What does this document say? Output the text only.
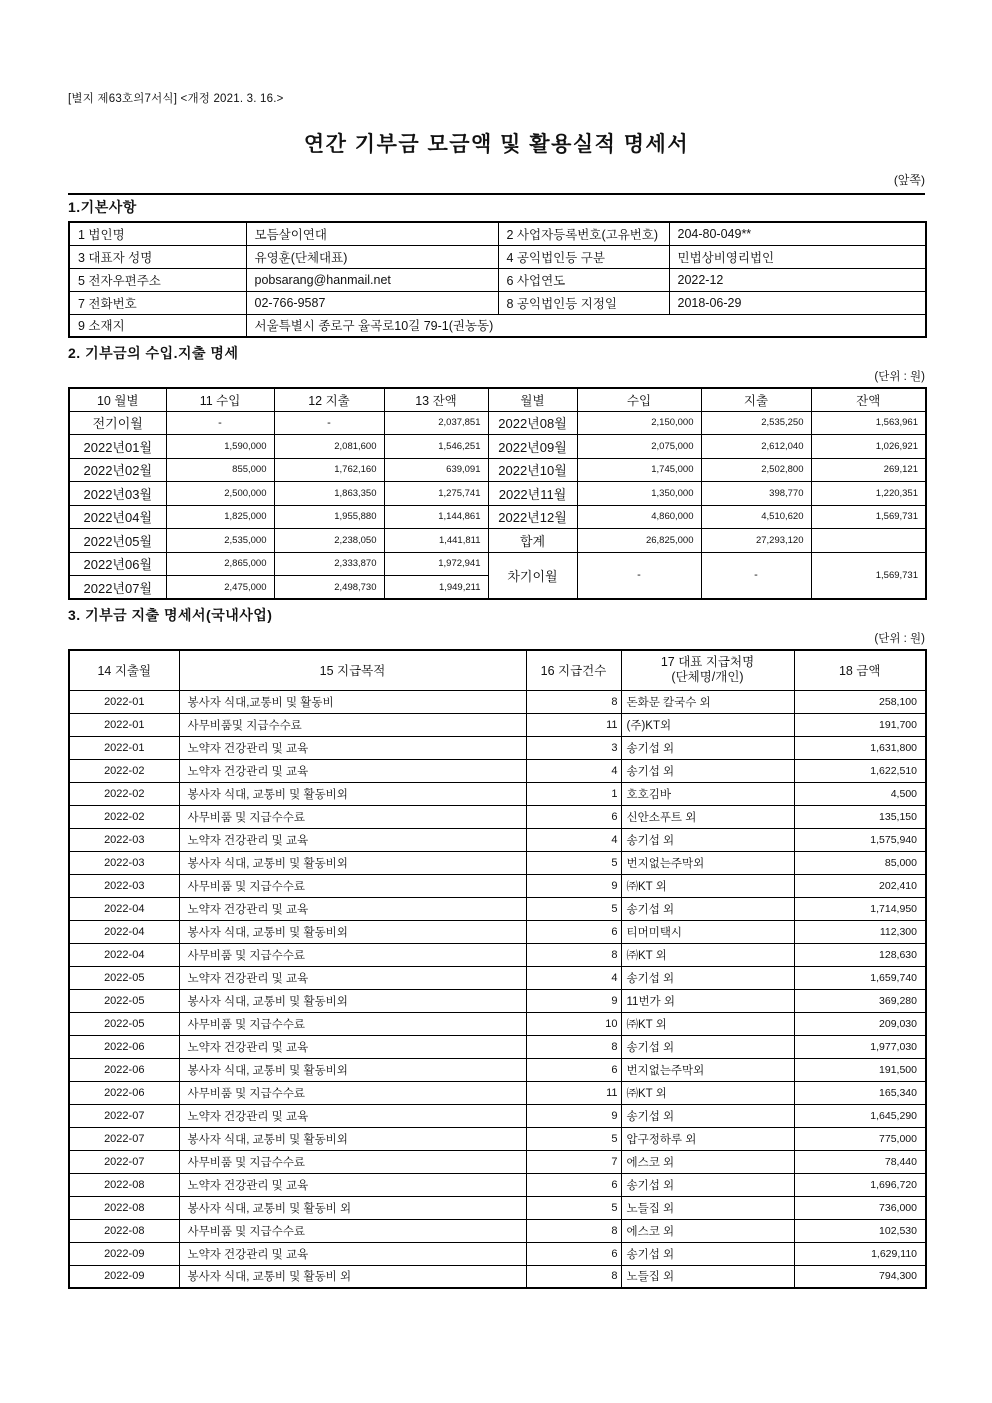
[별지 제63호의7서식] <개정 2021. 3. 16.>
연간 기부금 모금액 및 활용실적 명세서
(앞쪽)
1.기본사항
1 법인명	모듬살이연대	2 사업자등록번호(고유번호)	204-80-049**
3 대표자 성명	유영훈(단체대표)	4 공익법인등 구분	민법상비영리법인
5 전자우편주소	pobsarang@hanmail.net	6 사업연도	2022-12
7 전화번호	02-766-9587	8 공익법인등 지정일	2018-06-29
9 소재지	서울특별시 종로구 율곡로10길 79-1(권농동)		
2. 기부금의 수입.지출 명세
(단위 : 원)
10 월별	11 수입	12 지출	13 잔액	월별	수입	지출	잔액
전기이월	-	-	2,037,851	2022년08월	2,150,000	2,535,250	1,563,961
2022년01월	1,590,000	2,081,600	1,546,251	2022년09월	2,075,000	2,612,040	1,026,921
2022년02월	855,000	1,762,160	639,091	2022년10월	1,745,000	2,502,800	269,121
2022년03월	2,500,000	1,863,350	1,275,741	2022년11월	1,350,000	398,770	1,220,351
2022년04월	1,825,000	1,955,880	1,144,861	2022년12월	4,860,000	4,510,620	1,569,731
2022년05월	2,535,000	2,238,050	1,441,811	합계	26,825,000	27,293,120	
2022년06월	2,865,000	2,333,870	1,972,941	차기이월	-	-	1,569,731
2022년07월	2,475,000	2,498,730	1,949,211				
3. 기부금 지출 명세서(국내사업)
(단위 : 원)
14 지출월	15 지급목적	16 지급건수	17 대표 지급처명
(단체명/개인)	18 금액
2022-01	봉사자 식대,교통비 및 활동비	8	돈화문 칼국수 외	258,100
2022-01	사무비품및 지급수수료	11	(주)KT외	191,700
2022-01	노약자 건강관리 및 교육	3	송기섭 외	1,631,800
2022-02	노약자 건강관리 및 교육	4	송기섭 외	1,622,510
2022-02	봉사자 식대, 교통비 및 활동비외	1	호호김바	4,500
2022-02	사무비품 및 지급수수료	6	신안소푸트 외	135,150
2022-03	노약자 건강관리 및 교육	4	송기섭 외	1,575,940
2022-03	봉사자 식대, 교통비 및 활동비외	5	번지없는주막외	85,000
2022-03	사무비품 및 지급수수료	9	㈜KT 외	202,410
2022-04	노약자 건강관리 및 교육	5	송기섭 외	1,714,950
2022-04	봉사자 식대, 교통비 및 활동비외	6	티머미택시	112,300
2022-04	사무비품 및 지급수수료	8	㈜KT 외	128,630
2022-05	노약자 건강관리 및 교육	4	송기섭 외	1,659,740
2022-05	봉사자 식대, 교통비 및 활동비외	9	11번가 외	369,280
2022-05	사무비품 및 지급수수료	10	㈜KT 외	209,030
2022-06	노약자 건강관리 및 교육	8	송기섭 외	1,977,030
2022-06	봉사자 식대, 교통비 및 활동비외	6	번지없는주막외	191,500
2022-06	사무비품 및 지급수수료	11	㈜KT 외	165,340
2022-07	노약자 건강관리 및 교육	9	송기섭 외	1,645,290
2022-07	봉사자 식대, 교통비 및 활동비외	5	압구정하루 외	775,000
2022-07	사무비품 및 지급수수료	7	에스코 외	78,440
2022-08	노약자 건강관리 및 교육	6	송기섭 외	1,696,720
2022-08	봉사자 식대, 교통비 및 활동비 외	5	노들집 외	736,000
2022-08	사무비품 및 지급수수료	8	에스코 외	102,530
2022-09	노약자 건강관리 및 교육	6	송기섭 외	1,629,110
2022-09	봉사자 식대, 교통비 및 활동비 외	8	노들집 외	794,300
